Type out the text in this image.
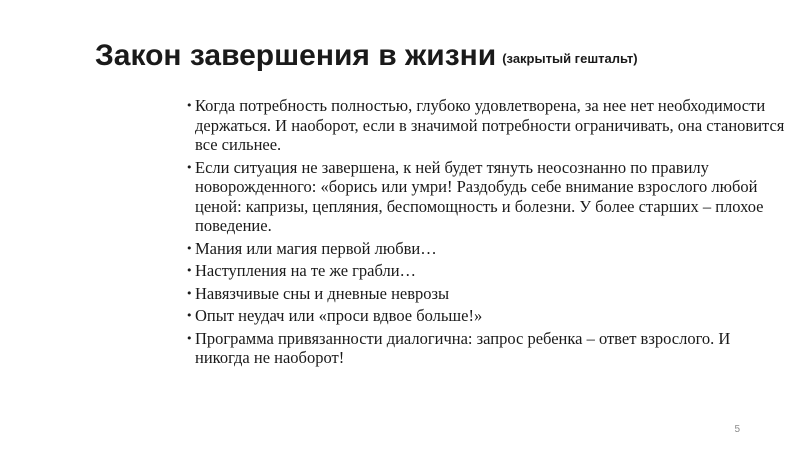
Закон завершения в жизни (закрытый гештальт)
• Когда потребность полностью, глубоко удовлетворена, за нее нет необходимости держаться. И наоборот, если в значимой потребности ограничивать, она становится все сильнее.
• Если ситуация не завершена, к ней будет тянуть неосознанно по правилу новорожденного: «борись или умри! Раздобудь себе внимание взрослого любой ценой: капризы, цепляния, беспомощность и болезни. У более старших – плохое поведение.
• Мания или магия первой любви…
• Наступления на те же грабли…
• Навязчивые сны и дневные неврозы
• Опыт неудач или «проси вдвое больше!»
• Программа привязанности диалогична: запрос ребенка – ответ взрослого. И никогда не наоборот!
5
